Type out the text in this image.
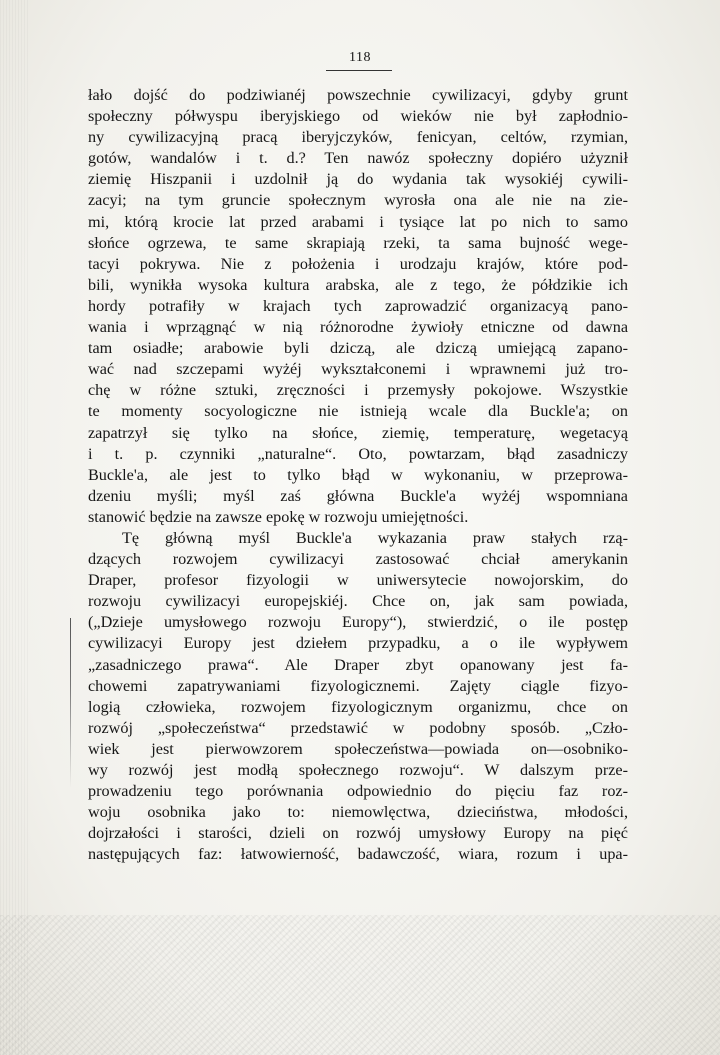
118
łało dojść do podziwianéj powszechnie cywilizacyi, gdyby grunt
społeczny półwyspu iberyjskiego od wieków nie był zapłodnio-
ny cywilizacyjną pracą iberyjczyków, fenicyan, celtów, rzymian,
gotów, wandalów i t. d.? Ten nawóz społeczny dopiéro użyznił
ziemię Hiszpanii i uzdolnił ją do wydania tak wysokiéj cywili-
zacyi; na tym gruncie społecznym wyrosła ona ale nie na zie-
mi, którą krocie lat przed arabami i tysiące lat po nich to samo
słońce ogrzewa, te same skrapiają rzeki, ta sama bujność wege-
tacyi pokrywa. Nie z położenia i urodzaju krajów, które pod-
bili, wynikła wysoka kultura arabska, ale z tego, że półdzikie ich
hordy potrafiły w krajach tych zaprowadzić organizacyą pano-
wania i wprzągnąć w nią różnorodne żywioły etniczne od dawna
tam osiadłe; arabowie byli dziczą, ale dziczą umiejącą zapano-
wać nad szczepami wyżéj wykształconemi i wprawnemi już tro-
chę w różne sztuki, zręczności i przemysły pokojowe. Wszystkie
te momenty socyologiczne nie istnieją wcale dla Buckle'a; on
zapatrzył się tylko na słońce, ziemię, temperaturę, wegetacyą
i t. p. czynniki „naturalne“. Oto, powtarzam, błąd zasadniczy
Buckle'a, ale jest to tylko błąd w wykonaniu, w przeprowa-
dzeniu myśli; myśl zaś główna Buckle'a wyżéj wspomniana
stanowić będzie na zawsze epokę w rozwoju umiejętności.
Tę główną myśl Buckle'a wykazania praw stałych rzą-
dzących rozwojem cywilizacyi zastosować chciał amerykanin
Draper, profesor fizyologii w uniwersytecie nowojorskim, do
rozwoju cywilizacyi europejskiéj. Chce on, jak sam powiada,
(„Dzieje umysłowego rozwoju Europy“), stwierdzić, o ile postęp
cywilizacyi Europy jest dziełem przypadku, a o ile wypływem
„zasadniczego prawa“. Ale Draper zbyt opanowany jest fa-
chowemi zapatrywaniami fizyologicznemi. Zajęty ciągle fizyo-
logią człowieka, rozwojem fizyologicznym organizmu, chce on
rozwój „społeczeństwa“ przedstawić w podobny sposób. „Czło-
wiek jest pierwowzorem społeczeństwa—powiada on—osobniko-
wy rozwój jest modłą społecznego rozwoju“. W dalszym prze-
prowadzeniu tego porównania odpowiednio do pięciu faz roz-
woju osobnika jako to: niemowlęctwa, dzieciństwa, młodości,
dojrzałości i starości, dzieli on rozwój umysłowy Europy na pięć
następujących faz: łatwowierność, badawczość, wiara, rozum i upa-
